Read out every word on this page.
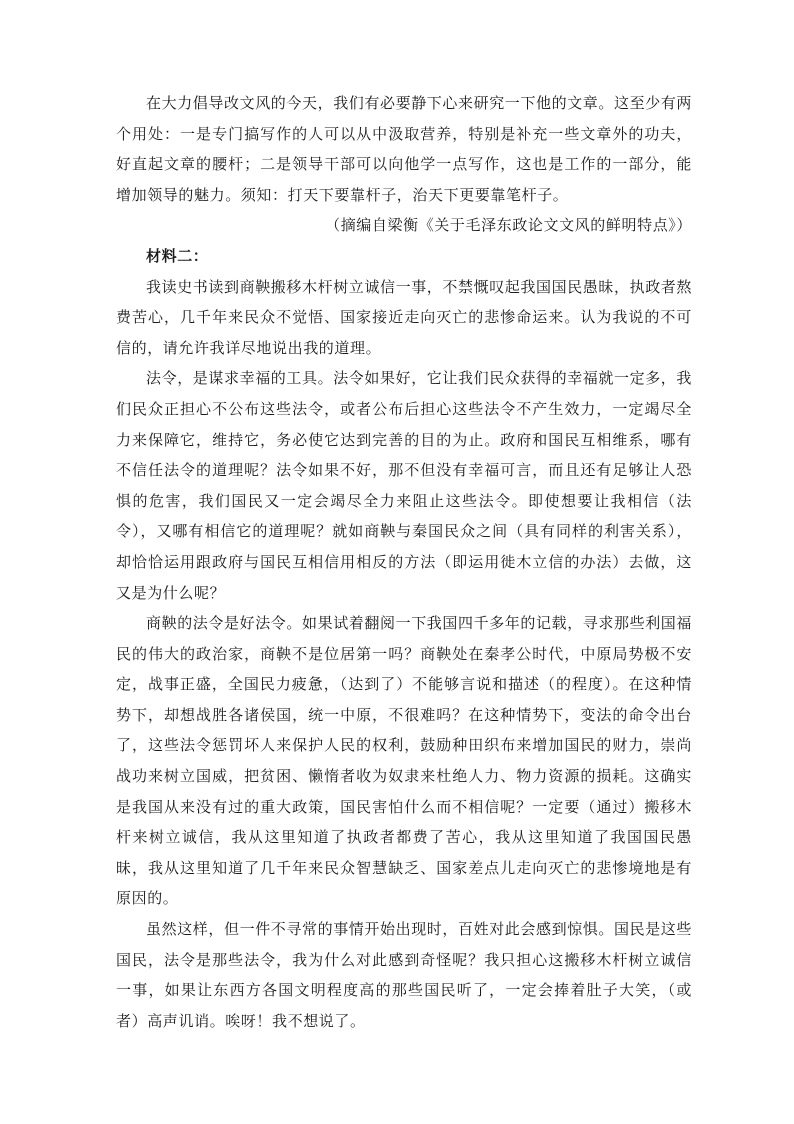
在大力倡导改文风的今天，我们有必要静下心来研究一下他的文章。这至少有两个用处：一是专门搞写作的人可以从中汲取营养，特别是补充一些文章外的功夫，好直起文章的腰杆；二是领导干部可以向他学一点写作，这也是工作的一部分，能增加领导的魅力。须知：打天下要靠杆子，治天下更要靠笔杆子。

（摘编自梁衡《关于毛泽东政论文文风的鲜明特点》）

材料二：

我读史书读到商鞅搬移木杆树立诚信一事，不禁慨叹起我国国民愚昧，执政者熬费苦心，几千年来民众不觉悟、国家接近走向灭亡的悲惨命运来。认为我说的不可信的，请允许我详尽地说出我的道理。

法令，是谋求幸福的工具。法令如果好，它让我们民众获得的幸福就一定多，我们民众正担心不公布这些法令，或者公布后担心这些法令不产生效力，一定竭尽全力来保障它，维持它，务必使它达到完善的目的为止。政府和国民互相维系，哪有不信任法令的道理呢？法令如果不好，那不但没有幸福可言，而且还有足够让人恐惧的危害，我们国民又一定会竭尽全力来阻止这些法令。即使想要让我相信（法令），又哪有相信它的道理呢？就如商鞅与秦国民众之间（具有同样的利害关系），却恰恰运用跟政府与国民互相信用相反的方法（即运用徙木立信的办法）去做，这又是为什么呢？

商鞅的法令是好法令。如果试着翻阅一下我国四千多年的记载，寻求那些利国福民的伟大的政治家，商鞅不是位居第一吗？商鞅处在秦孝公时代，中原局势极不安定，战事正盛，全国民力疲惫，（达到了）不能够言说和描述（的程度）。在这种情势下，却想战胜各诸侯国，统一中原，不很难吗？在这种情势下，变法的命令出台了，这些法令惩罚坏人来保护人民的权利，鼓励种田织布来增加国民的财力，崇尚战功来树立国威，把贫困、懒惰者收为奴隶来杜绝人力、物力资源的损耗。这确实是我国从来没有过的重大政策，国民害怕什么而不相信呢？一定要（通过）搬移木杆来树立诚信，我从这里知道了执政者都费了苦心，我从这里知道了我国国民愚昧，我从这里知道了几千年来民众智慧缺乏、国家差点儿走向灭亡的悲惨境地是有原因的。

虽然这样，但一件不寻常的事情开始出现时，百姓对此会感到惊惧。国民是这些国民，法令是那些法令，我为什么对此感到奇怪呢？我只担心这搬移木杆树立诚信一事，如果让东西方各国文明程度高的那些国民听了，一定会捧着肚子大笑，（或者）高声讥诮。唉呀！我不想说了。
